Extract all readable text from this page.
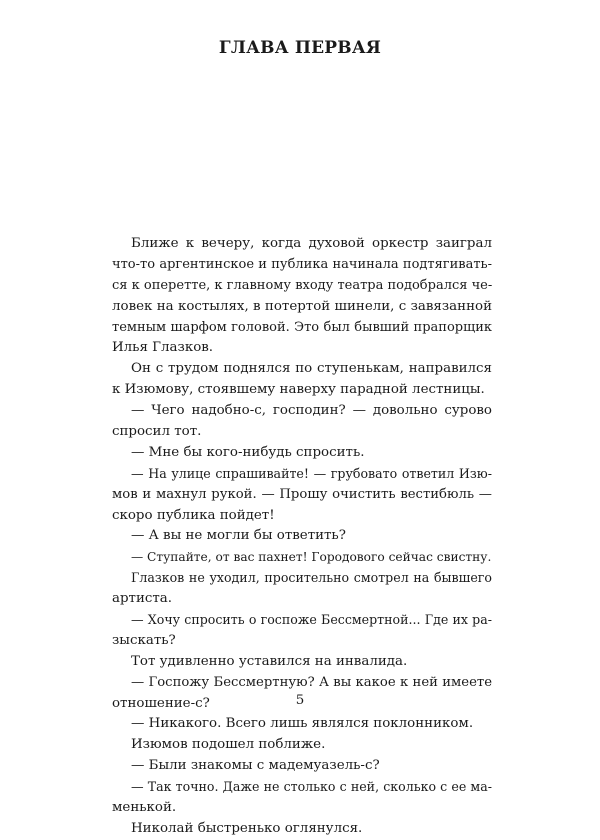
ГЛАВА ПЕРВАЯ
Ближе к вечеру, когда духовой оркестр заиграл
что-то аргентинское и публика начинала подтягивать-
ся к оперетте, к главному входу театра подобрался че-
ловек на костылях, в потертой шинели, с завязанной
темным шарфом головой. Это был бывший прапорщик
Илья Глазков.
Он с трудом поднялся по ступенькам, направился
к Изюмову, стоявшему наверху парадной лестницы.
— Чего надобно-с, господин? — довольно сурово
спросил тот.
— Мне бы кого-нибудь спросить.
— На улице спрашивайте! — грубовато ответил Изю-
мов и махнул рукой. — Прошу очистить вестибюль —
скоро публика пойдет!
— А вы не могли бы ответить?
— Ступайте, от вас пахнет! Городового сейчас свистну.
Глазков не уходил, просительно смотрел на бывшего
артиста.
— Хочу спросить о госпоже Бессмертной... Где их ра-
зыскать?
Тот удивленно уставился на инвалида.
— Госпожу Бессмертную? А вы какое к ней имеете
отношение-с?
— Никакого. Всего лишь являлся поклонником.
Изюмов подошел поближе.
— Были знакомы с мадемуазель-с?
— Так точно. Даже не столько с ней, сколько с ее ма-
менькой.
Николай быстренько оглянулся.
5
